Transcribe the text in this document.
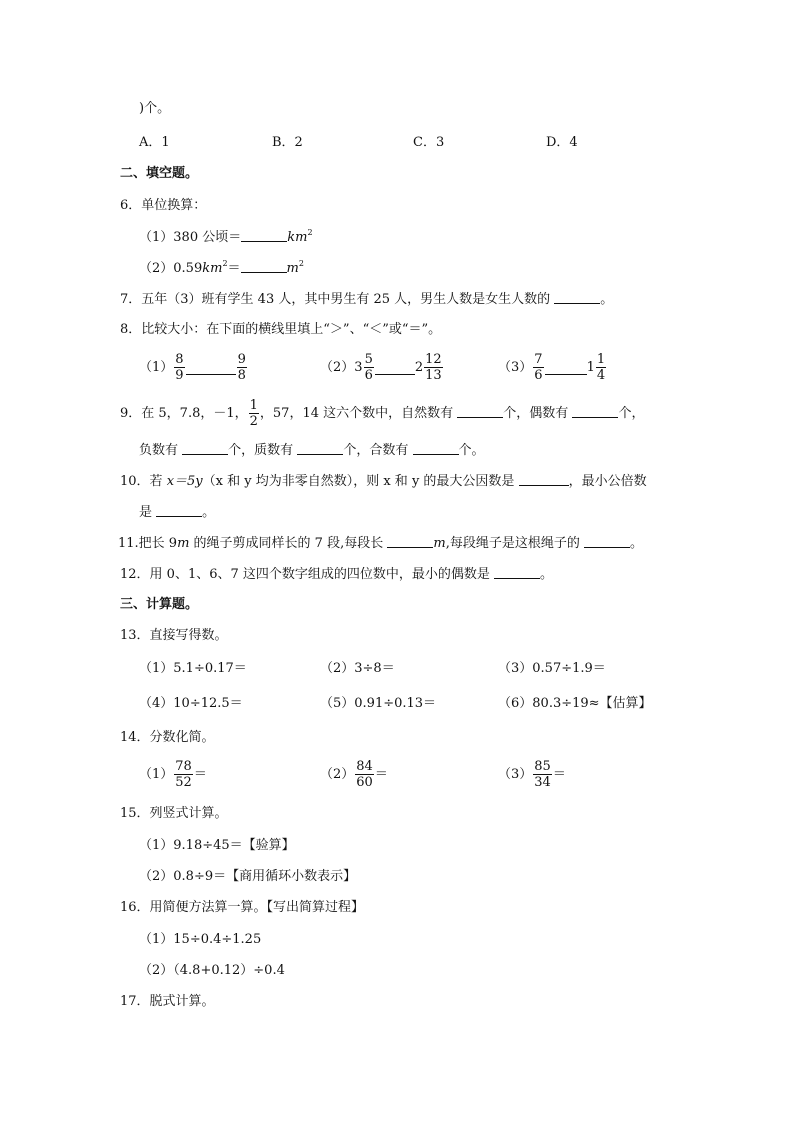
)个。
A．1	B．2	C．3	D．4
二、填空题。
6．单位换算：
（1）380 公顷＝	$km^2$
$(2)0.59km^2=$	$m^2$
7．五年（3）班有学生 43 人，其中男生有 25 人，男生人数是女生人数的	。
8．比较大小：在下面的横线里填上“＞”、“＜”或“＝”。
$(1) \frac{8}{9}$	$\frac{9}{8}$	$(2)3 \frac{5}{6}$	$2 \frac{12}{13}$	$(3) \frac{7}{6}$	$1 \frac{1}{4}$
9．在 5，7.8，－1， $\frac{1}{2}$ ，57，14 这六个数中，自然数有	个，偶数有	个，
负数有	个，质数有	个，合数有	个。
10．若 x＝5y（x 和 y 均为非零自然数），则 x 和 y 的最大公因数是	，最小公倍数
是	。
11.把长 9m 的绳子剪成同样长的 7 段,每段长	m,每段绳子是这根绳子的	。
12．用 0、1、6、7 这四个数字组成的四位数中，最小的偶数是	。
三、计算题。
13．直接写得数。
（1）5.1÷0.17＝	（2）3÷8＝	（3）0.57÷1.9＝
（4）10÷12.5＝	（5）0.91÷0.13＝	（6）80.3÷19≈【估算】
14．分数化简。
$(1) \frac{78}{52}$ ＝	$(2) \frac{84}{60}$ ＝	$(3) \frac{85}{34}$ ＝
15．列竖式计算。
（1）9.18÷45＝【验算】
（2）0.8÷9＝【商用循环小数表示】
16．用简便方法算一算。【写出简算过程】
（1）15÷0.4÷1.25
（2）（4.8+0.12）÷0.4
17．脱式计算。
